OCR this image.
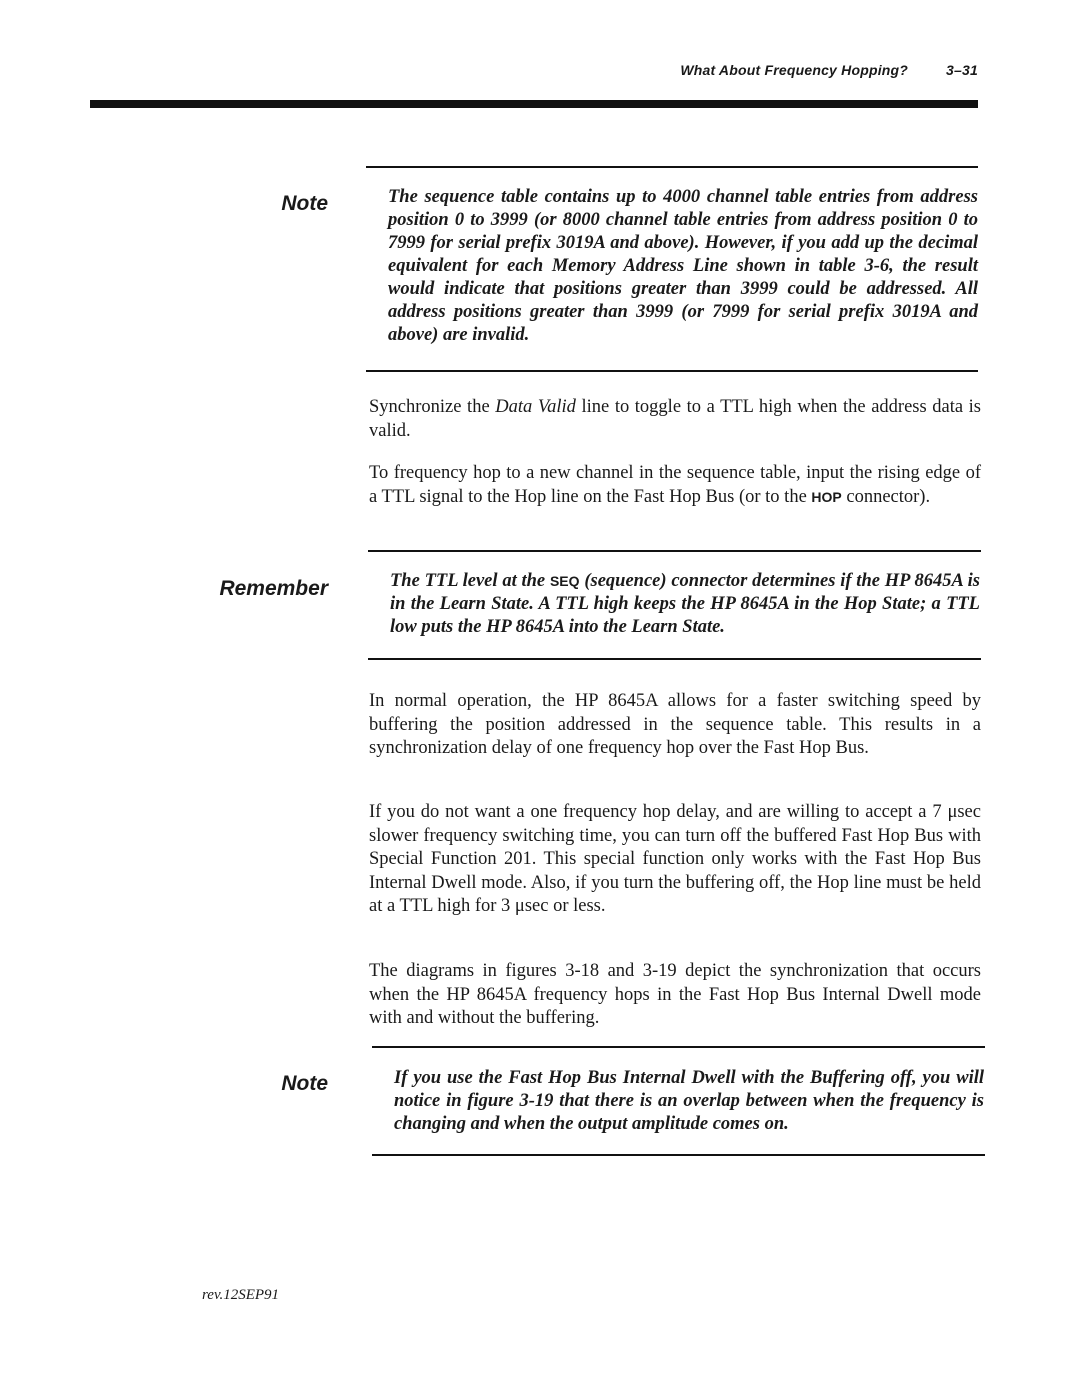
What About Frequency Hopping?	3–31
Note	The sequence table contains up to 4000 channel table entries from address position 0 to 3999 (or 8000 channel table entries from address position 0 to 7999 for serial prefix 3019A and above). However, if you add up the decimal equivalent for each Memory Address Line shown in table 3-6, the result would indicate that positions greater than 3999 could be addressed. All address positions greater than 3999 (or 7999 for serial prefix 3019A and above) are invalid.

Synchronize the Data Valid line to toggle to a TTL high when the address data is valid.

To frequency hop to a new channel in the sequence table, input the rising edge of a TTL signal to the Hop line on the Fast Hop Bus (or to the HOP connector).

Remember	The TTL level at the SEQ (sequence) connector determines if the HP 8645A is in the Learn State. A TTL high keeps the HP 8645A in the Hop State; a TTL low puts the HP 8645A into the Learn State.

In normal operation, the HP 8645A allows for a faster switching speed by buffering the position addressed in the sequence table. This results in a synchronization delay of one frequency hop over the Fast Hop Bus.

If you do not want a one frequency hop delay, and are willing to accept a 7 μsec slower frequency switching time, you can turn off the buffered Fast Hop Bus with Special Function 201. This special function only works with the Fast Hop Bus Internal Dwell mode. Also, if you turn the buffering off, the Hop line must be held at a TTL high for 3 μsec or less.

The diagrams in figures 3-18 and 3-19 depict the synchronization that occurs when the HP 8645A frequency hops in the Fast Hop Bus Internal Dwell mode with and without the buffering.

Note	If you use the Fast Hop Bus Internal Dwell with the Buffering off, you will notice in figure 3-19 that there is an overlap between when the frequency is changing and when the output amplitude comes on.
rev.12SEP91
